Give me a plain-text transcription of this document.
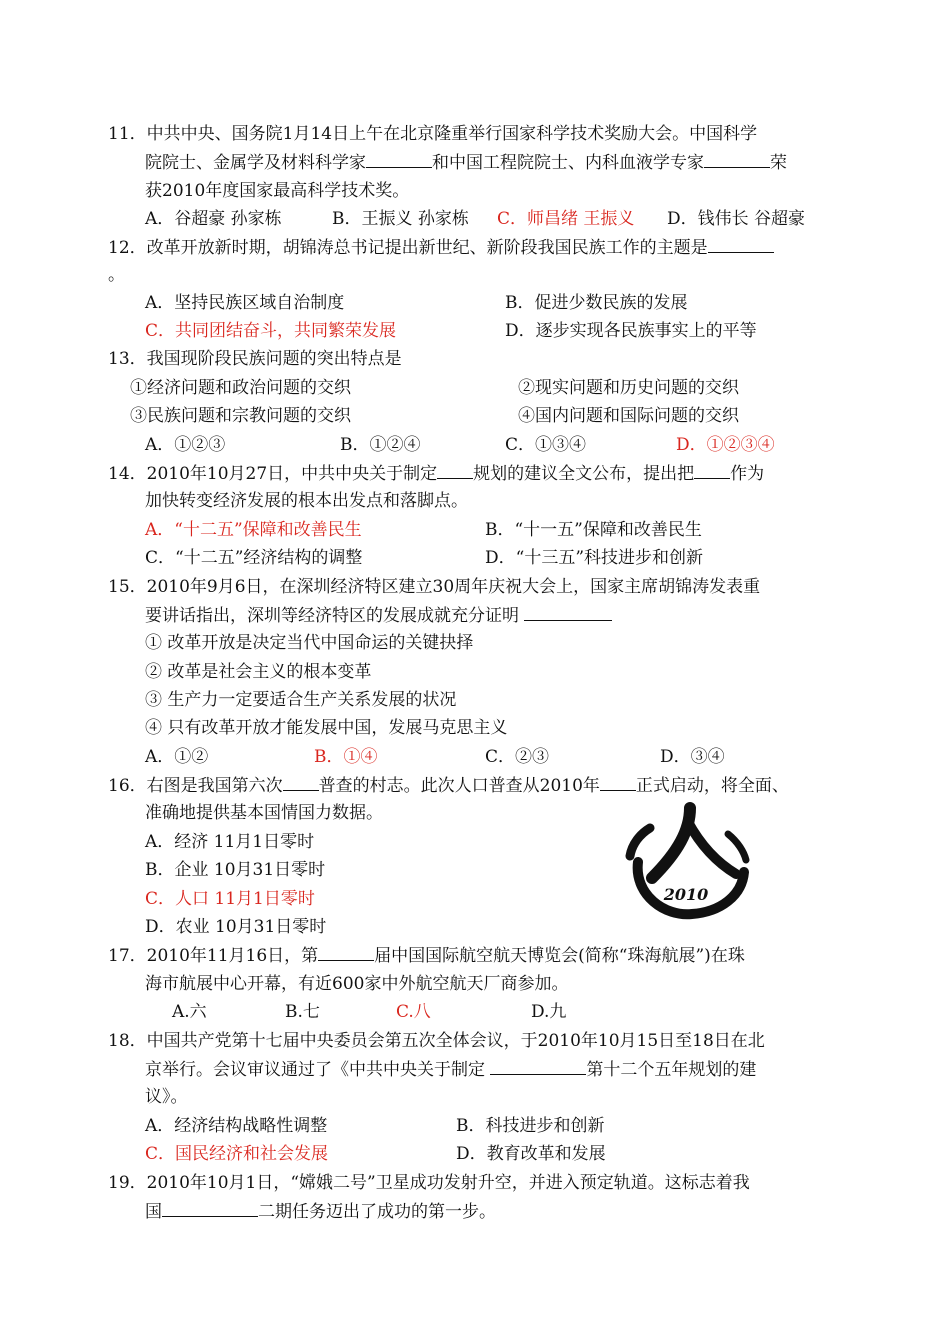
11．中共中央、国务院1月14日上午在北京隆重举行国家科学技术奖励大会。中国科学
院院士、金属学及材料科学家	和中国工程院院士、内科血液学专家	荣
获2010年度国家最高科学技术奖。
A．谷超豪 孙家栋	B．王振义 孙家栋 C．师昌绪 王振义 D．钱伟长 谷超豪
12．改革开放新时期，胡锦涛总书记提出新世纪、新阶段我国民族工作的主题是
。
A．坚持民族区域自治制度	B．促进少数民族的发展
C．共同团结奋斗，共同繁荣发展	D．逐步实现各民族事实上的平等
13．我国现阶段民族问题的突出特点是
①经济问题和政治问题的交织	②现实问题和历史问题的交织
③民族问题和宗教问题的交织	④国内问题和国际问题的交织
A．①②③	B．①②④	C．①③④	D．①②③④
14．2010年10月27日，中共中央关于制定 规划的建议全文公布，提出把 作为
加快转变经济发展的根本出发点和落脚点。
A．“十二五”保障和改善民生	B．“十一五”保障和改善民生
C．“十二五”经济结构的调整	D．“十三五”科技进步和创新
15．2010年9月6日，在深圳经济特区建立30周年庆祝大会上，国家主席胡锦涛发表重
要讲话指出，深圳等经济特区的发展成就充分证明
① 改革开放是决定当代中国命运的关键抉择
② 改革是社会主义的根本变革
③ 生产力一定要适合生产关系发展的状况
④ 只有改革开放才能发展中国，发展马克思主义
A．①②	B．①④	C．②③	D．③④
16．右图是我国第六次 普查的村志。此次人口普查从2010年 正式启动，将全面、
准确地提供基本国情国力数据。
A．经济 11月1日零时
B．企业 10月31日零时
C．人口 11月1日零时
D．农业 10月31日零时
2010
17．2010年11月16日，第	届中国国际航空航天博览会(简称“珠海航展”)在珠
海市航展中心开幕，有近600家中外航空航天厂商参加。
A.六	B.七	C.八	D.九
18．中国共产党第十七届中央委员会第五次全体会议，于2010年10月15日至18日在北
京举行。会议审议通过了《中共中央关于制定	第十二个五年规划的建
议》。
A．经济结构战略性调整	B．科技进步和创新
C．国民经济和社会发展	D．教育改革和发展
19．2010年10月1日，“嫦娥二号”卫星成功发射升空，并进入预定轨道。这标志着我
国	二期任务迈出了成功的第一步。
